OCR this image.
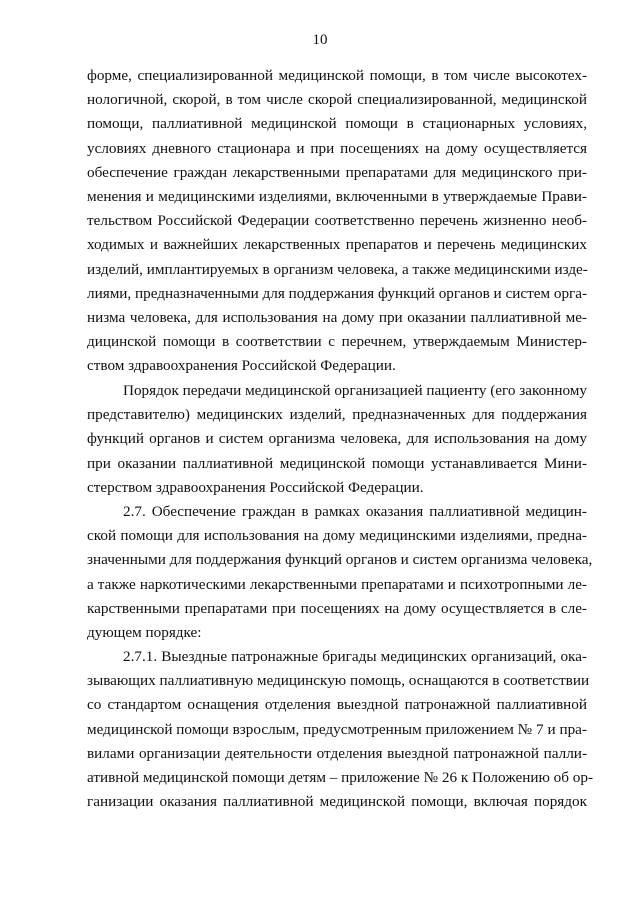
10
форме, специализированной медицинской помощи, в том числе высокотех-
нологичной, скорой, в том числе скорой специализированной, медицинской
помощи, паллиативной медицинской помощи в стационарных условиях,
условиях дневного стационара и при посещениях на дому осуществляется
обеспечение граждан лекарственными препаратами для медицинского при-
менения и медицинскими изделиями, включенными в утверждаемые Прави-
тельством Российской Федерации соответственно перечень жизненно необ-
ходимых и важнейших лекарственных препаратов и перечень медицинских
изделий, имплантируемых в организм человека, а также медицинскими изде-
лиями, предназначенными для поддержания функций органов и систем орга-
низма человека, для использования на дому при оказании паллиативной ме-
дицинской помощи в соответствии с перечнем, утверждаемым Министер-
ством здравоохранения Российской Федерации.
Порядок передачи медицинской организацией пациенту (его законному
представителю) медицинских изделий, предназначенных для поддержания
функций органов и систем организма человека, для использования на дому
при оказании паллиативной медицинской помощи устанавливается Мини-
стерством здравоохранения Российской Федерации.
2.7. Обеспечение граждан в рамках оказания паллиативной медицин-
ской помощи для использования на дому медицинскими изделиями, предна-
значенными для поддержания функций органов и систем организма человека,
а также наркотическими лекарственными препаратами и психотропными ле-
карственными препаратами при посещениях на дому осуществляется в сле-
дующем порядке:
2.7.1. Выездные патронажные бригады медицинских организаций, ока-
зывающих паллиативную медицинскую помощь, оснащаются в соответствии
со стандартом оснащения отделения выездной патронажной паллиативной
медицинской помощи взрослым, предусмотренным приложением № 7 и пра-
вилами организации деятельности отделения выездной патронажной палли-
ативной медицинской помощи детям – приложение № 26 к Положению об ор-
ганизации оказания паллиативной медицинской помощи, включая порядок
